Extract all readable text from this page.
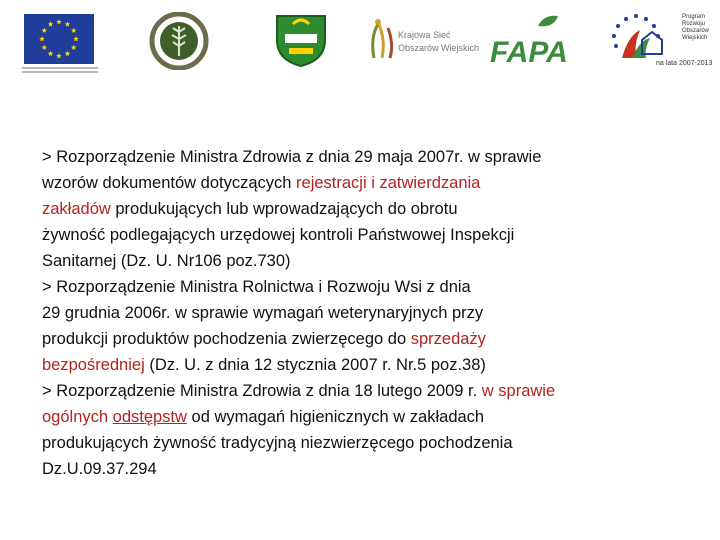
Krajowa Sieć
Obszarów Wiejskich FAPA
Program
Rozwoju
Obszarów
Wiejskich
na lata 2007-2013
> Rozporządzenie Ministra Zdrowia z dnia 29 maja 2007r. w sprawie
wzorów dokumentów dotyczących rejestracji i zatwierdzania
zakładów produkujących lub wprowadzających do obrotu
żywność podlegających urzędowej kontroli Państwowej Inspekcji
Sanitarnej (Dz. U. Nr106 poz.730)
> Rozporządzenie Ministra Rolnictwa i Rozwoju Wsi z dnia
29 grudnia 2006r. w sprawie wymagań weterynaryjnych przy
produkcji produktów pochodzenia zwierzęcego do sprzedaży
bezpośredniej (Dz. U. z dnia 12 stycznia 2007 r. Nr.5 poz.38)
> Rozporządzenie Ministra Zdrowia z dnia 18 lutego 2009 r. w sprawie
ogólnych odstępstw od wymagań higienicznych w zakładach
produkujących żywność tradycyjną niezwierzęcego pochodzenia
Dz.U.09.37.294
